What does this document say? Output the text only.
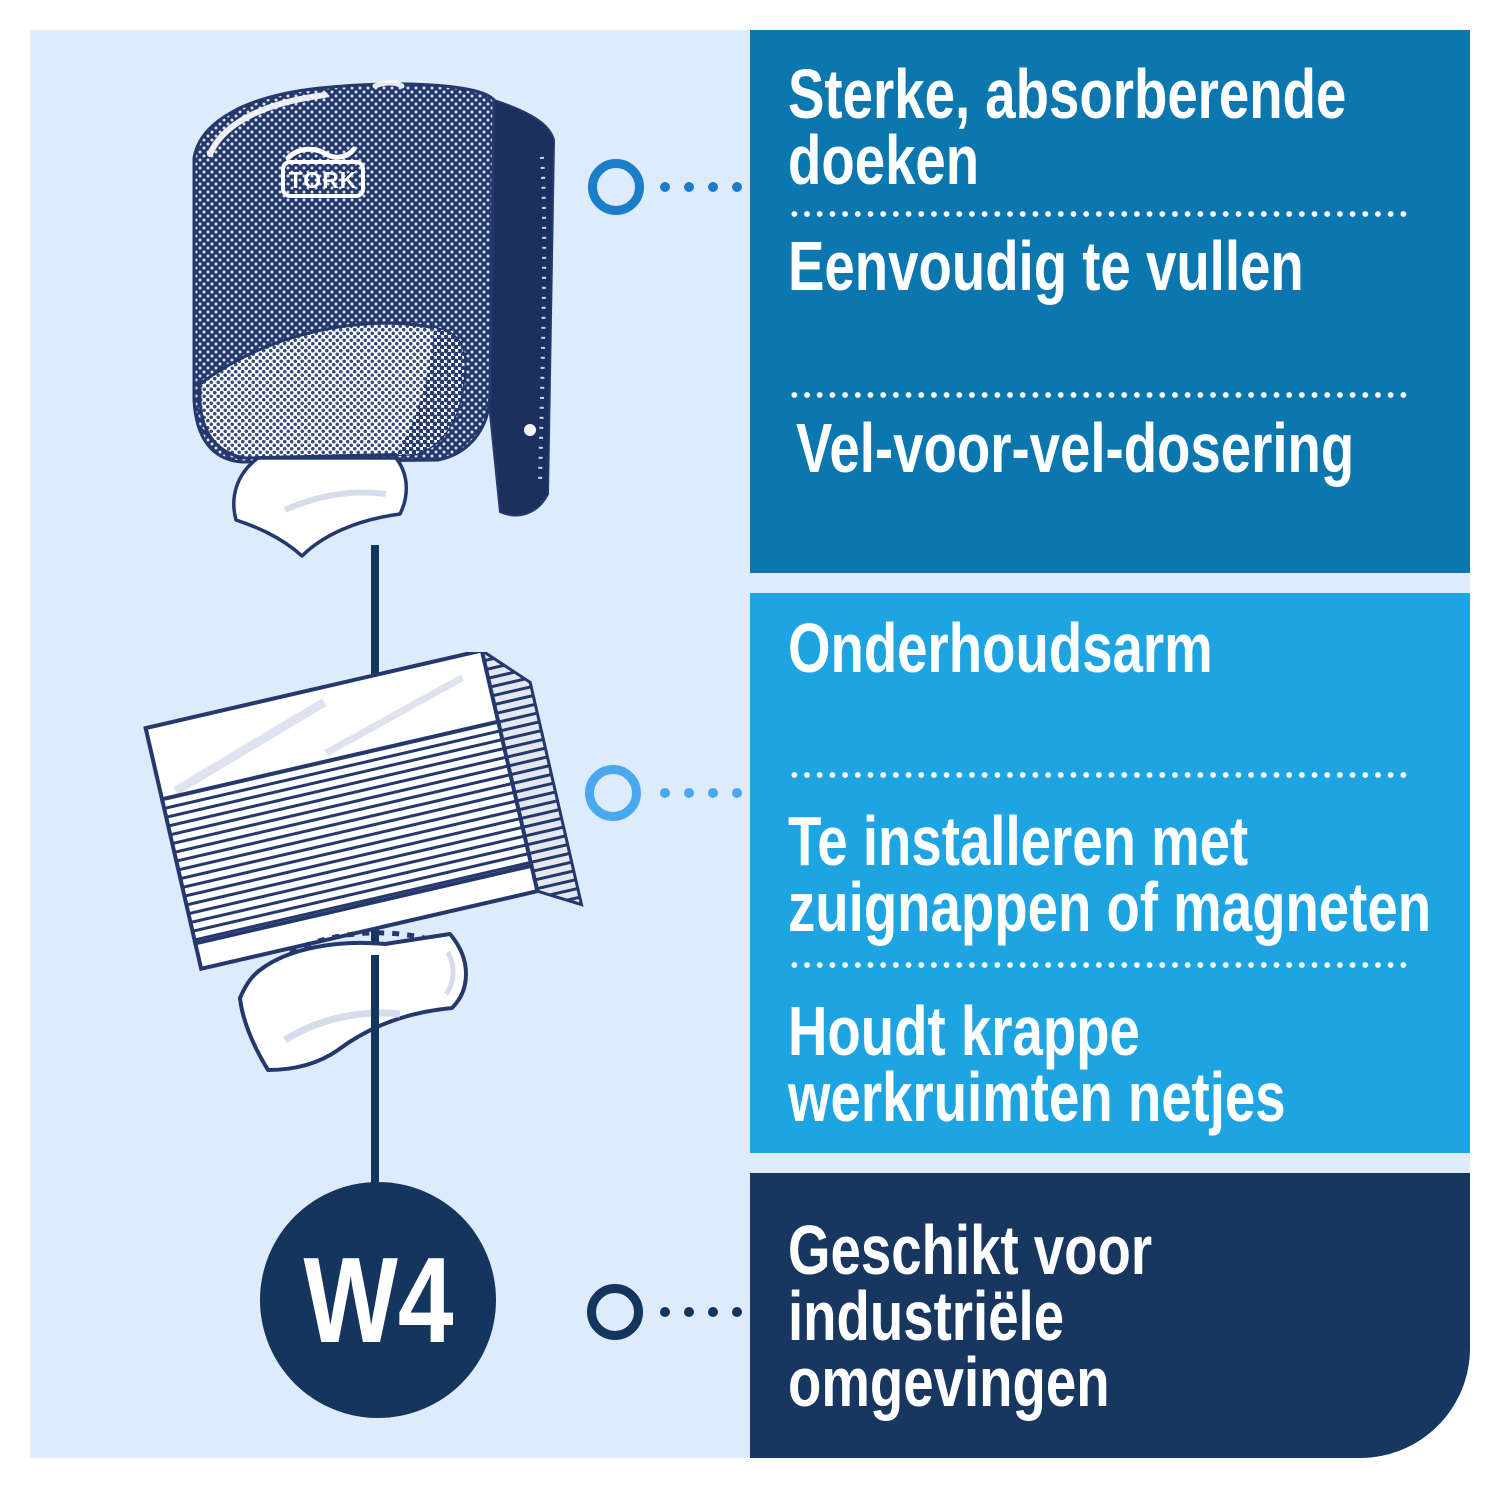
TORK
W4
Sterke, absorberende doeken
Eenvoudig te vullen
Vel-voor-vel-dosering
Onderhoudsarm
Te installeren met zuignappen of magneten
Houdt krappe werkruimten netjes
Geschikt voor industriële omgevingen
